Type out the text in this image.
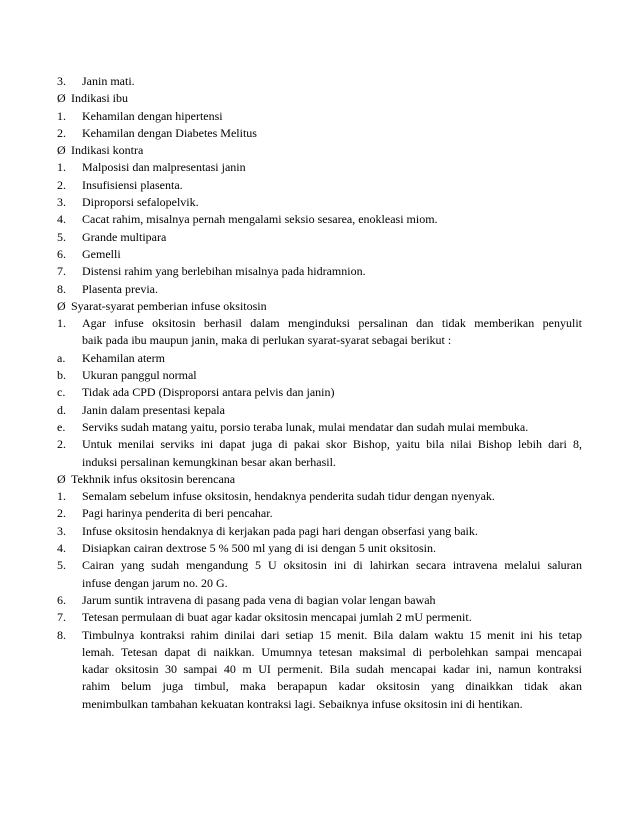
3.	Janin mati.
Ø Indikasi ibu
1.	Kehamilan dengan hipertensi
2.	Kehamilan dengan Diabetes Melitus
Ø Indikasi kontra
1.	Malposisi dan malpresentasi janin
2.	Insufisiensi plasenta.
3.	Diproporsi sefalopelvik.
4.	Cacat rahim, misalnya pernah mengalami seksio sesarea, enokleasi miom.
5.	Grande multipara
6.	Gemelli
7.	Distensi rahim yang berlebihan misalnya pada hidramnion.
8.	Plasenta previa.
Ø Syarat-syarat pemberian infuse oksitosin
1.	Agar infuse oksitosin berhasil dalam menginduksi persalinan dan tidak memberikan penyulit
baik pada ibu maupun janin, maka di perlukan syarat-syarat sebagai berikut :
a.	Kehamilan aterm
b.	Ukuran panggul normal
c.	Tidak ada CPD (Disproporsi antara pelvis dan janin)
d.	Janin dalam presentasi kepala
e.	Serviks sudah matang yaitu, porsio teraba lunak, mulai mendatar dan sudah mulai membuka.
2.	Untuk menilai serviks ini dapat juga di pakai skor Bishop, yaitu bila nilai Bishop lebih dari 8,
induksi persalinan kemungkinan besar akan berhasil.
Ø Tekhnik infus oksitosin berencana
1.	Semalam sebelum infuse oksitosin, hendaknya penderita sudah tidur dengan nyenyak.
2.	Pagi harinya penderita di beri pencahar.
3.	Infuse oksitosin hendaknya di kerjakan pada pagi hari dengan obserfasi yang baik.
4.	Disiapkan cairan dextrose 5 % 500 ml yang di isi dengan 5 unit oksitosin.
5.	Cairan yang sudah mengandung 5 U oksitosin ini di lahirkan secara intravena melalui saluran
infuse dengan jarum no. 20 G.
6.	Jarum suntik intravena di pasang pada vena di bagian volar lengan bawah
7.	Tetesan permulaan di buat agar kadar oksitosin mencapai jumlah 2 mU permenit.
8.	Timbulnya kontraksi rahim dinilai dari setiap 15 menit. Bila dalam waktu 15 menit ini his tetap
lemah. Tetesan dapat di naikkan. Umumnya tetesan maksimal di perbolehkan sampai mencapai
kadar oksitosin 30 sampai 40 m UI permenit. Bila sudah mencapai kadar ini, namun kontraksi
rahim belum juga timbul, maka berapapun kadar oksitosin yang dinaikkan tidak akan
menimbulkan tambahan kekuatan kontraksi lagi. Sebaiknya infuse oksitosin ini di hentikan.
